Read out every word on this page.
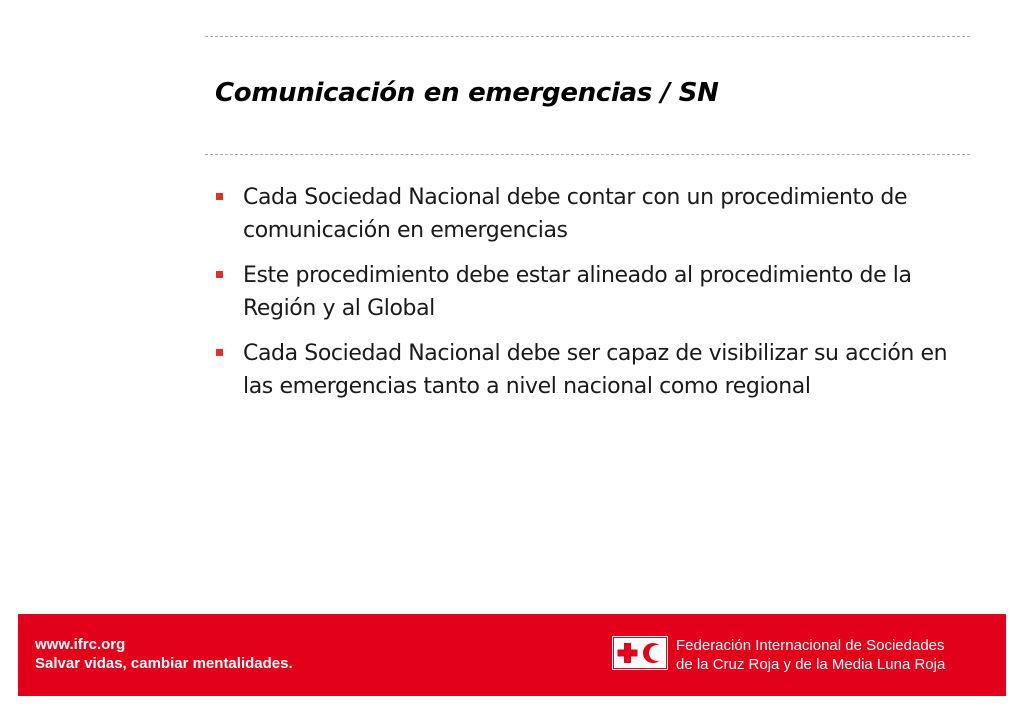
Comunicación en emergencias / SN
Cada Sociedad Nacional debe contar con un procedimiento de comunicación en emergencias
Este procedimiento debe estar alineado al procedimiento de la Región y al Global
Cada Sociedad Nacional debe ser capaz de visibilizar su acción en las emergencias tanto a nivel nacional como regional
www.ifrc.org
Salvar vidas, cambiar mentalidades.
Federación Internacional de Sociedades
de la Cruz Roja y de la Media Luna Roja
